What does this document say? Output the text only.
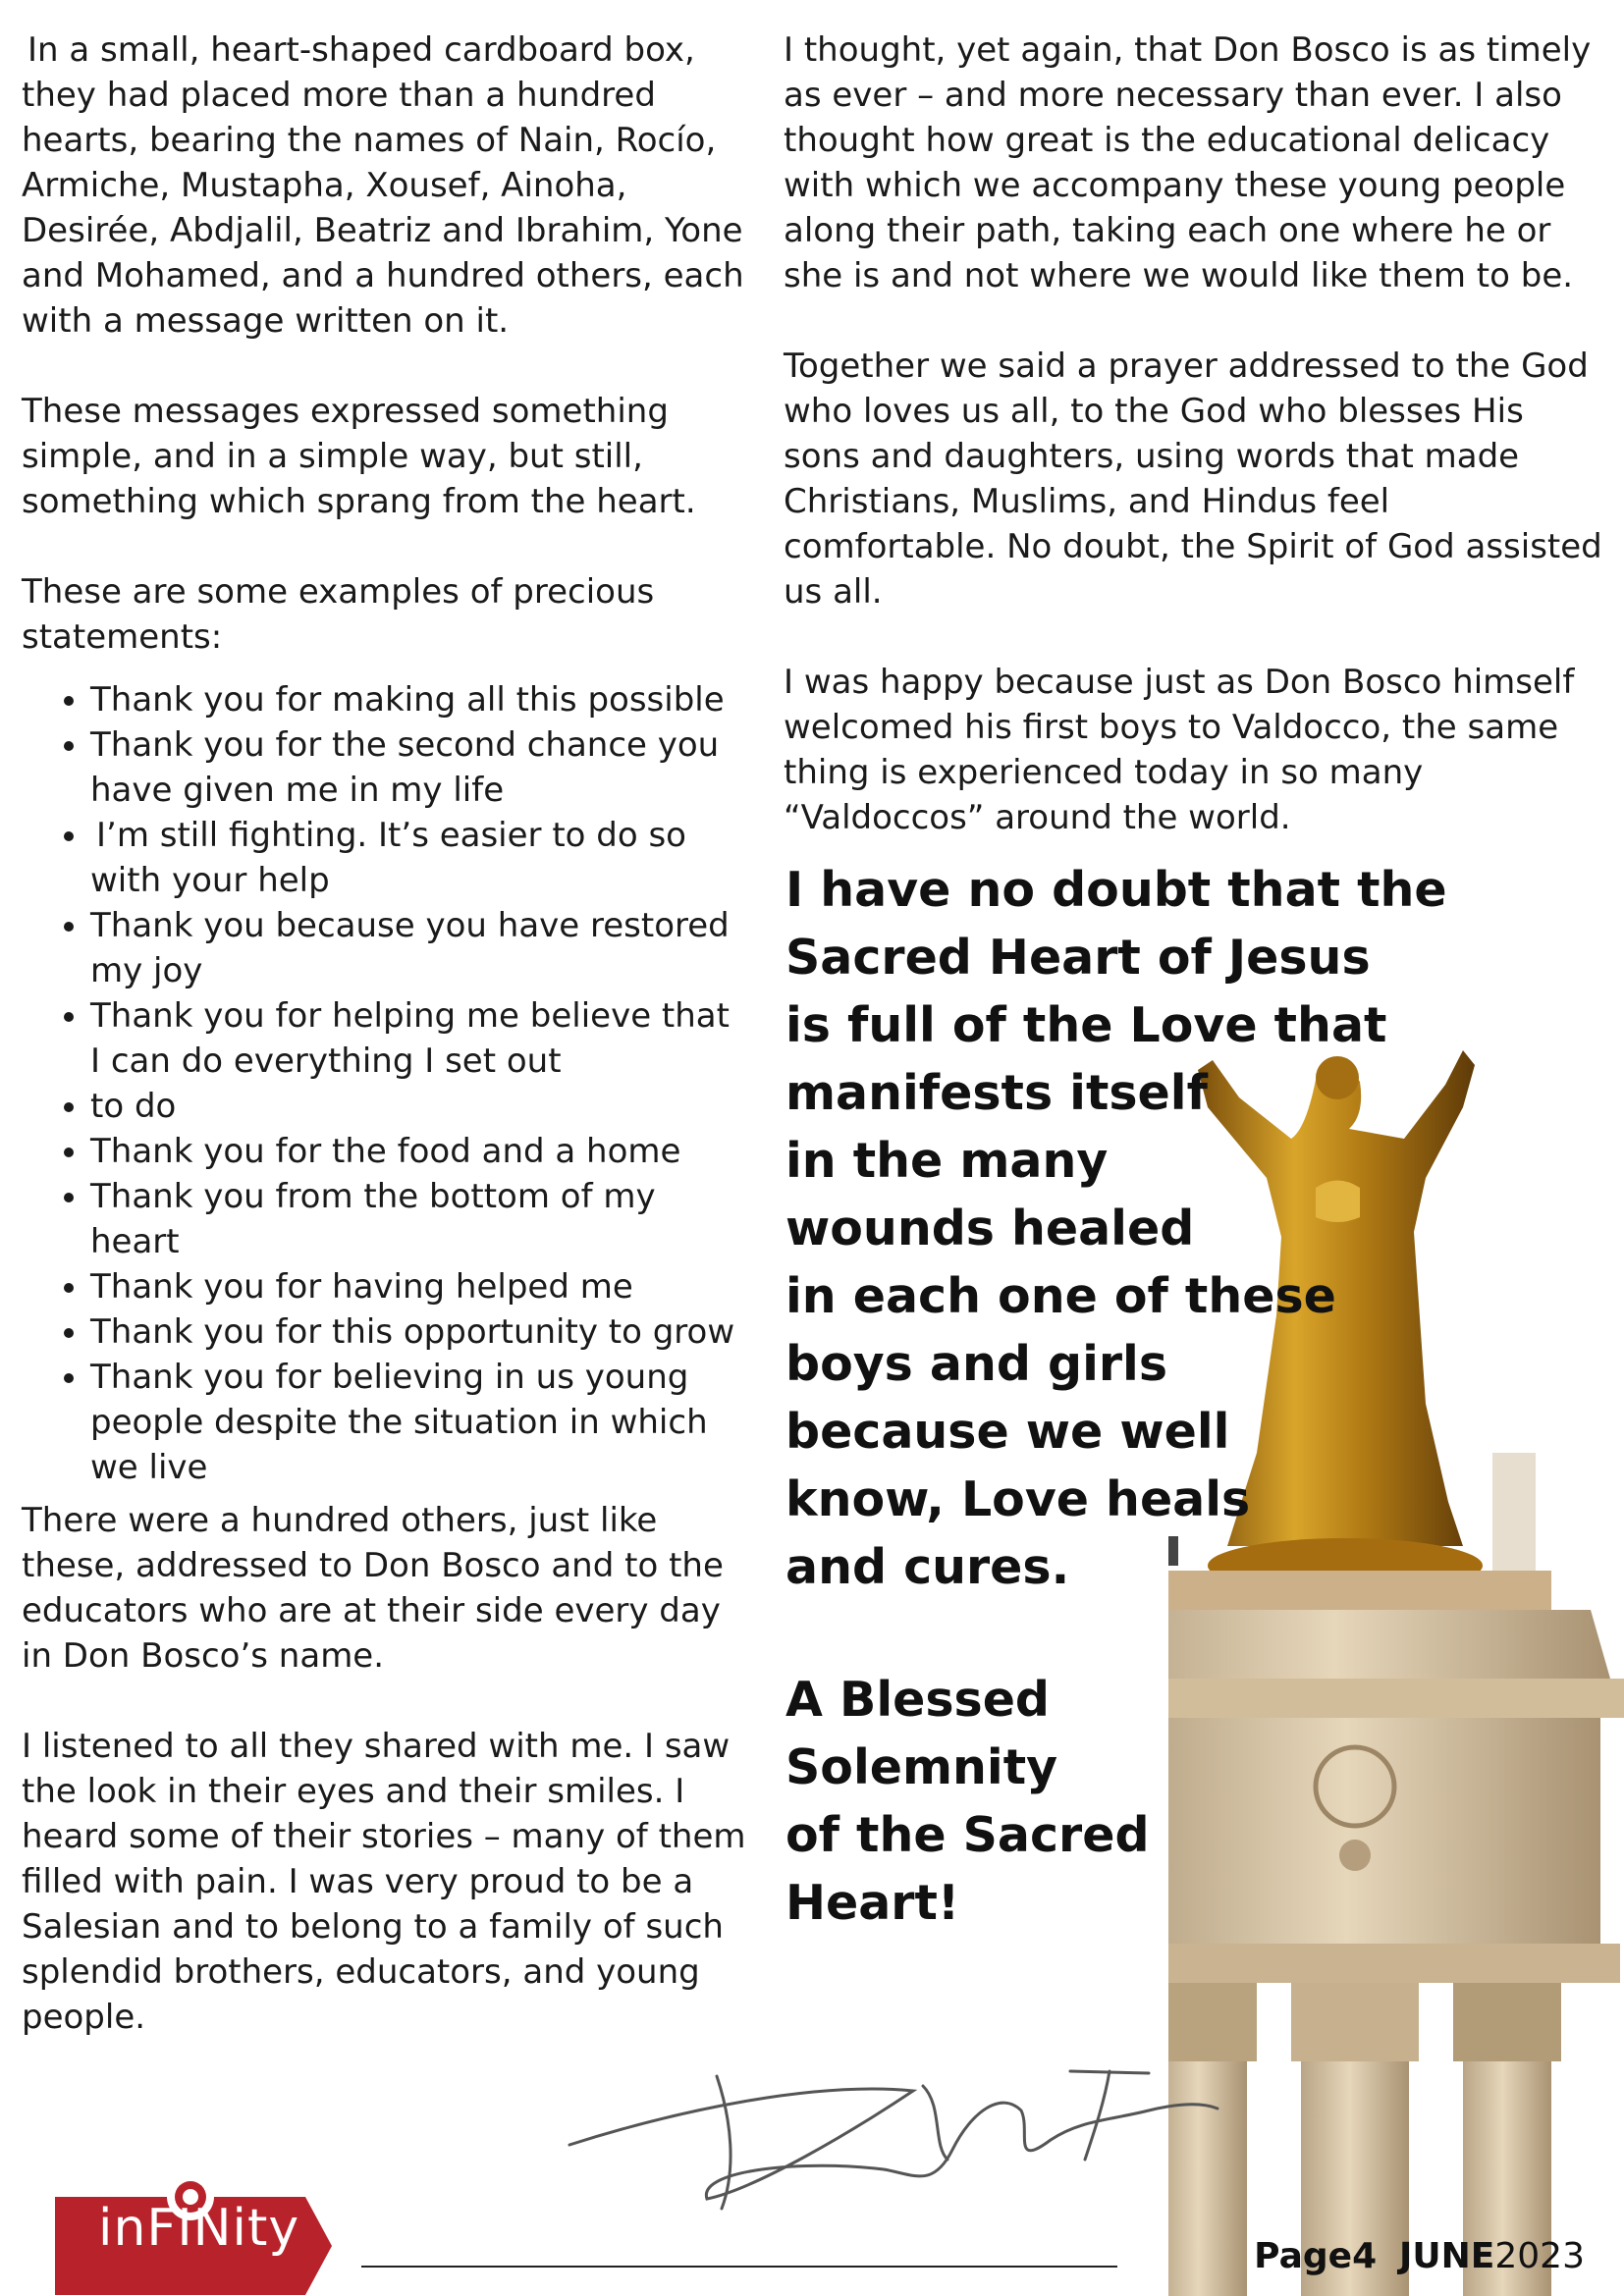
In a small, heart-shaped cardboard box, they had placed more than a hundred hearts, bearing the names of Nain, Rocío, Armiche, Mustapha, Xousef, Ainoha, Desirée, Abdjalil, Beatriz and Ibrahim, Yone and Mohamed, and a hundred others, each with a message written on it.

These messages expressed something simple, and in a simple way, but still, something which sprang from the heart.

These are some examples of precious statements:

• Thank you for making all this possible
• Thank you for the second chance you have given me in my life
• I’m still fighting. It’s easier to do so with your help
• Thank you because you have restored my joy
• Thank you for helping me believe that I can do everything I set out
• to do
• Thank you for the food and a home
• Thank you from the bottom of my heart
• Thank you for having helped me
• Thank you for this opportunity to grow
• Thank you for believing in us young people despite the situation in which we live

There were a hundred others, just like these, addressed to Don Bosco and to the educators who are at their side every day in Don Bosco’s name.

I listened to all they shared with me. I saw the look in their eyes and their smiles. I heard some of their stories – many of them filled with pain. I was very proud to be a Salesian and to belong to a family of such splendid brothers, educators, and young people.

I thought, yet again, that Don Bosco is as timely as ever – and more necessary than ever. I also thought how great is the educational delicacy with which we accompany these young people along their path, taking each one where he or she is and not where we would like them to be.

Together we said a prayer addressed to the God who loves us all, to the God who blesses His sons and daughters, using words that made Christians, Muslims, and Hindus feel comfortable. No doubt, the Spirit of God assisted us all.

I was happy because just as Don Bosco himself welcomed his first boys to Valdocco, the same thing is experienced today in so many “Valdoccos” around the world.

I have no doubt that the
Sacred Heart of Jesus
is full of the Love that
manifests itself
in the many
wounds healed
in each one of these
boys and girls
because we well
know, Love heals
and cures.
A Blessed
Solemnity
of the Sacred
Heart!
inFINity	Page4 JUNE2023
